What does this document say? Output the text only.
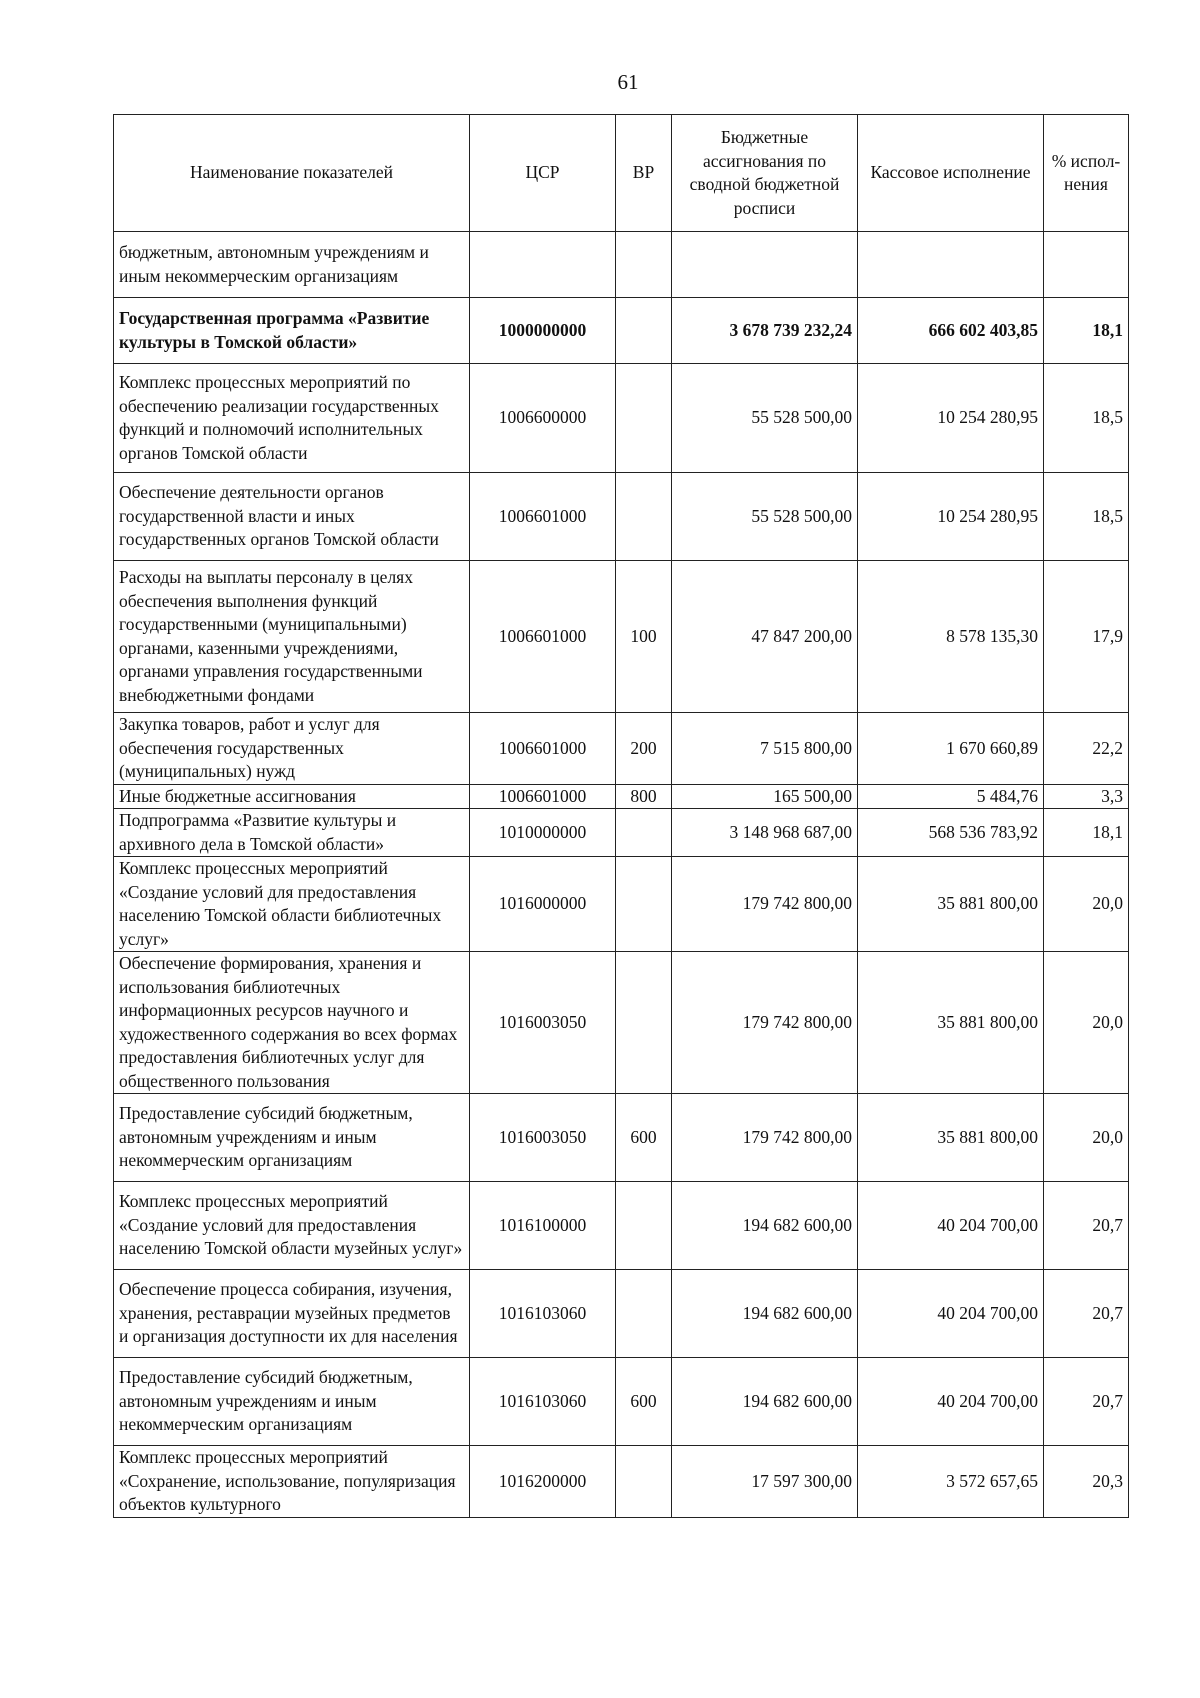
61
Наименование показателей	ЦСР	ВР	Бюджетные ассигнования по сводной бюджетной росписи	Кассовое исполнение	% испол-нения
бюджетным, автономным учреждениям и иным некоммерческим организациям					
Государственная программа «Развитие культуры в Томской области»	1000000000		3 678 739 232,24	666 602 403,85	18,1
Комплекс процессных мероприятий по обеспечению реализации государственных функций и полномочий исполнительных органов Томской области	1006600000		55 528 500,00	10 254 280,95	18,5
Обеспечение деятельности органов государственной власти и иных государственных органов Томской области	1006601000		55 528 500,00	10 254 280,95	18,5
Расходы на выплаты персоналу в целях обеспечения выполнения функций государственными (муниципальными) органами, казенными учреждениями, органами управления государственными внебюджетными фондами	1006601000	100	47 847 200,00	8 578 135,30	17,9
Закупка товаров, работ и услуг для обеспечения государственных (муниципальных) нужд	1006601000	200	7 515 800,00	1 670 660,89	22,2
Иные бюджетные ассигнования	1006601000	800	165 500,00	5 484,76	3,3
Подпрограмма «Развитие культуры и архивного дела в Томской области»	1010000000		3 148 968 687,00	568 536 783,92	18,1
Комплекс процессных мероприятий «Создание условий для предоставления населению Томской области библиотечных услуг»	1016000000		179 742 800,00	35 881 800,00	20,0
Обеспечение формирования, хранения и использования библиотечных информационных ресурсов научного и художественного содержания во всех формах предоставления библиотечных услуг для общественного пользования	1016003050		179 742 800,00	35 881 800,00	20,0
Предоставление субсидий бюджетным, автономным учреждениям и иным некоммерческим организациям	1016003050	600	179 742 800,00	35 881 800,00	20,0
Комплекс процессных мероприятий «Создание условий для предоставления населению Томской области музейных услуг»	1016100000		194 682 600,00	40 204 700,00	20,7
Обеспечение процесса собирания, изучения, хранения, реставрации музейных предметов и организация доступности их для населения	1016103060		194 682 600,00	40 204 700,00	20,7
Предоставление субсидий бюджетным, автономным учреждениям и иным некоммерческим организациям	1016103060	600	194 682 600,00	40 204 700,00	20,7
Комплекс процессных мероприятий «Сохранение, использование, популяризация объектов культурного	1016200000		17 597 300,00	3 572 657,65	20,3
